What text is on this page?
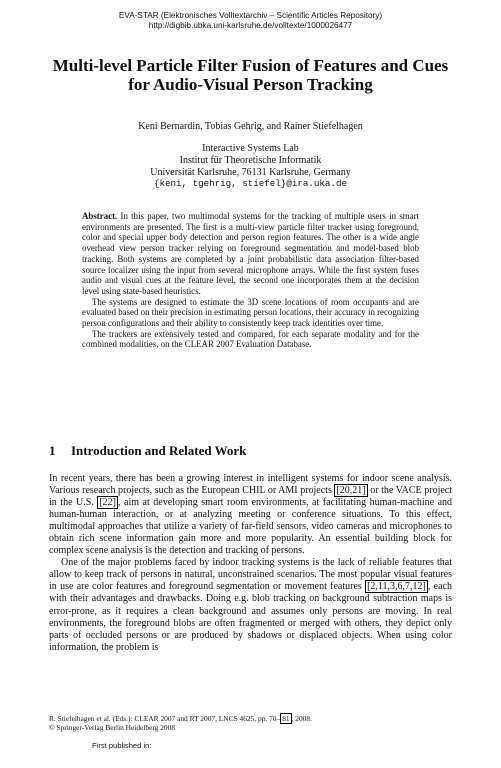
EVA-STAR (Elektronisches Volltextarchiv – Scientific Articles Repository)
http://digbib.ubka.uni-karlsruhe.de/volltexte/1000026477
Multi-level Particle Filter Fusion of Features and Cues for Audio-Visual Person Tracking
Keni Bernardin, Tobias Gehrig, and Rainer Stiefelhagen
Interactive Systems Lab
Institut für Theoretische Informatik
Universität Karlsruhe, 76131 Karlsruhe, Germany
{keni, tgehrig, stiefel}@ira.uka.de

Abstract. In this paper, two multimodal systems for the tracking of multiple users in smart environments are presented. The first is a multi-view particle filter tracker using foreground, color and special upper body detection and person region features. The other is a wide angle overhead view person tracker relying on foreground segmentation and model-based blob tracking. Both systems are completed by a joint probabilistic data association filter-based source localizer using the input from several microphone arrays. While the first system fuses audio and visual cues at the feature level, the second one incorporates them at the decision level using state-based heuristics.

The systems are designed to estimate the 3D scene locations of room occupants and are evaluated based on their precision in estimating person locations, their accuracy in recognizing person configurations and their ability to consistently keep track identities over time.

The trackers are extensively tested and compared, for each separate modality and for the combined modalities, on the CLEAR 2007 Evaluation Database.

1 Introduction and Related Work

In recent years, there has been a growing interest in intelligent systems for indoor scene analysis. Various research projects, such as the European CHIL or AMI projects [20,21] or the VACE project in the U.S. [22] , aim at developing smart room environments, at facilitating human-machine and human-human interaction, or at analyzing meeting or conference situations. To this effect, multimodal approaches that utilize a variety of far-field sensors, video cameras and microphones to obtain rich scene information gain more and more popularity. An essential building block for complex scene analysis is the detection and tracking of persons.

One of the major problems faced by indoor tracking systems is the lack of reliable features that allow to keep track of persons in natural, unconstrained scenarios. The most popular visual features in use are color features and foreground segmentation or movement features [2,11,3,6,7,12] , each with their advantages and drawbacks. Doing e.g. blob tracking on background subtraction maps is error-prone, as it requires a clean background and assumes only persons are moving. In real environments, the foreground blobs are often fragmented or merged with others, they depict only parts of occluded persons or are produced by shadows or displaced objects. When using color information, the problem is

R. Stiefelhagen et al. (Eds.): CLEAR 2007 and RT 2007, LNCS 4625, pp. 70– 81 , 2008.
© Springer-Verlag Berlin Heidelberg 2008
First published in:
